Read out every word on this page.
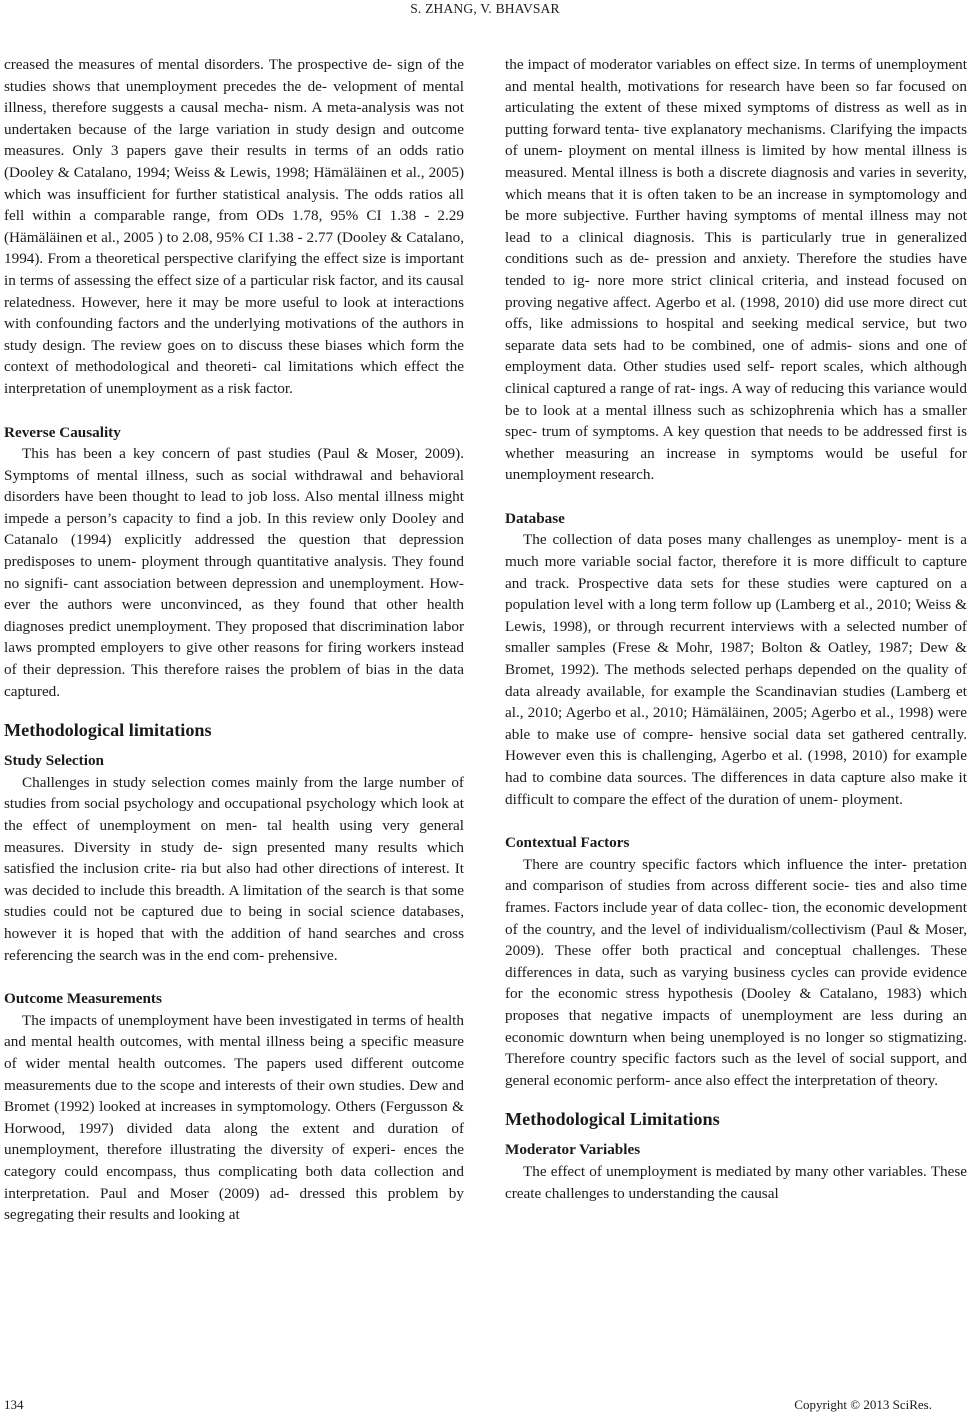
S. ZHANG, V. BHAVSAR

creased the measures of mental disorders. The prospective de- sign of the studies shows that unemployment precedes the de- velopment of mental illness, therefore suggests a causal mecha- nism. A meta-analysis was not undertaken because of the large variation in study design and outcome measures. Only 3 papers gave their results in terms of an odds ratio (Dooley & Catalano, 1994; Weiss & Lewis, 1998; Hämäläinen et al., 2005) which was insufficient for further statistical analysis. The odds ratios all fell within a comparable range, from ODs 1.78, 95% CI 1.38 - 2.29 (Hämäläinen et al., 2005 ) to 2.08, 95% CI 1.38 - 2.77 (Dooley & Catalano, 1994). From a theoretical perspective clarifying the effect size is important in terms of assessing the effect size of a particular risk factor, and its causal relatedness. However, here it may be more useful to look at interactions with confounding factors and the underlying motivations of the authors in study design. The review goes on to discuss these biases which form the context of methodological and theoreti- cal limitations which effect the interpretation of unemployment as a risk factor.

Reverse Causality

This has been a key concern of past studies (Paul & Moser, 2009). Symptoms of mental illness, such as social withdrawal and behavioral disorders have been thought to lead to job loss. Also mental illness might impede a person’s capacity to find a job. In this review only Dooley and Catanalo (1994) explicitly addressed the question that depression predisposes to unem- ployment through quantitative analysis. They found no signifi- cant association between depression and unemployment. How- ever the authors were unconvinced, as they found that other health diagnoses predict unemployment. They proposed that discrimination labor laws prompted employers to give other reasons for firing workers instead of their depression. This therefore raises the problem of bias in the data captured.

Methodological limitations
Study Selection

Challenges in study selection comes mainly from the large number of studies from social psychology and occupational psychology which look at the effect of unemployment on men- tal health using very general measures. Diversity in study de- sign presented many results which satisfied the inclusion crite- ria but also had other directions of interest. It was decided to include this breadth. A limitation of the search is that some studies could not be captured due to being in social science databases, however it is hoped that with the addition of hand searches and cross referencing the search was in the end com- prehensive.

Outcome Measurements

The impacts of unemployment have been investigated in terms of health and mental health outcomes, with mental illness being a specific measure of wider mental health outcomes. The papers used different outcome measurements due to the scope and interests of their own studies. Dew and Bromet (1992) looked at increases in symptomology. Others (Fergusson & Horwood, 1997) divided data along the extent and duration of unemployment, therefore illustrating the diversity of experi- ences the category could encompass, thus complicating both data collection and interpretation. Paul and Moser (2009) ad- dressed this problem by segregating their results and looking at

the impact of moderator variables on effect size. In terms of unemployment and mental health, motivations for research have been so far focused on articulating the extent of these mixed symptoms of distress as well as in putting forward tenta- tive explanatory mechanisms. Clarifying the impacts of unem- ployment on mental illness is limited by how mental illness is measured. Mental illness is both a discrete diagnosis and varies in severity, which means that it is often taken to be an increase in symptomology and be more subjective. Further having symptoms of mental illness may not lead to a clinical diagnosis. This is particularly true in generalized conditions such as de- pression and anxiety. Therefore the studies have tended to ig- nore more strict clinical criteria, and instead focused on proving negative affect. Agerbo et al. (1998, 2010) did use more direct cut offs, like admissions to hospital and seeking medical service, but two separate data sets had to be combined, one of admis- sions and one of employment data. Other studies used self- report scales, which although clinical captured a range of rat- ings. A way of reducing this variance would be to look at a mental illness such as schizophrenia which has a smaller spec- trum of symptoms. A key question that needs to be addressed first is whether measuring an increase in symptoms would be useful for unemployment research.

Database

The collection of data poses many challenges as unemploy- ment is a much more variable social factor, therefore it is more difficult to capture and track. Prospective data sets for these studies were captured on a population level with a long term follow up (Lamberg et al., 2010; Weiss & Lewis, 1998), or through recurrent interviews with a selected number of smaller samples (Frese & Mohr, 1987; Bolton & Oatley, 1987; Dew & Bromet, 1992). The methods selected perhaps depended on the quality of data already available, for example the Scandinavian studies (Lamberg et al., 2010; Agerbo et al., 2010; Hämäläinen, 2005; Agerbo et al., 1998) were able to make use of compre- hensive social data set gathered centrally. However even this is challenging, Agerbo et al. (1998, 2010) for example had to combine data sources. The differences in data capture also make it difficult to compare the effect of the duration of unem- ployment.

Contextual Factors

There are country specific factors which influence the inter- pretation and comparison of studies from across different socie- ties and also time frames. Factors include year of data collec- tion, the economic development of the country, and the level of individualism/collectivism (Paul & Moser, 2009). These offer both practical and conceptual challenges. These differences in data, such as varying business cycles can provide evidence for the economic stress hypothesis (Dooley & Catalano, 1983) which proposes that negative impacts of unemployment are less during an economic downturn when being unemployed is no longer so stigmatizing. Therefore country specific factors such as the level of social support, and general economic perform- ance also effect the interpretation of theory.

Methodological Limitations
Moderator Variables

The effect of unemployment is mediated by many other variables. These create challenges to understanding the causal

134	Copyright © 2013 SciRes.
